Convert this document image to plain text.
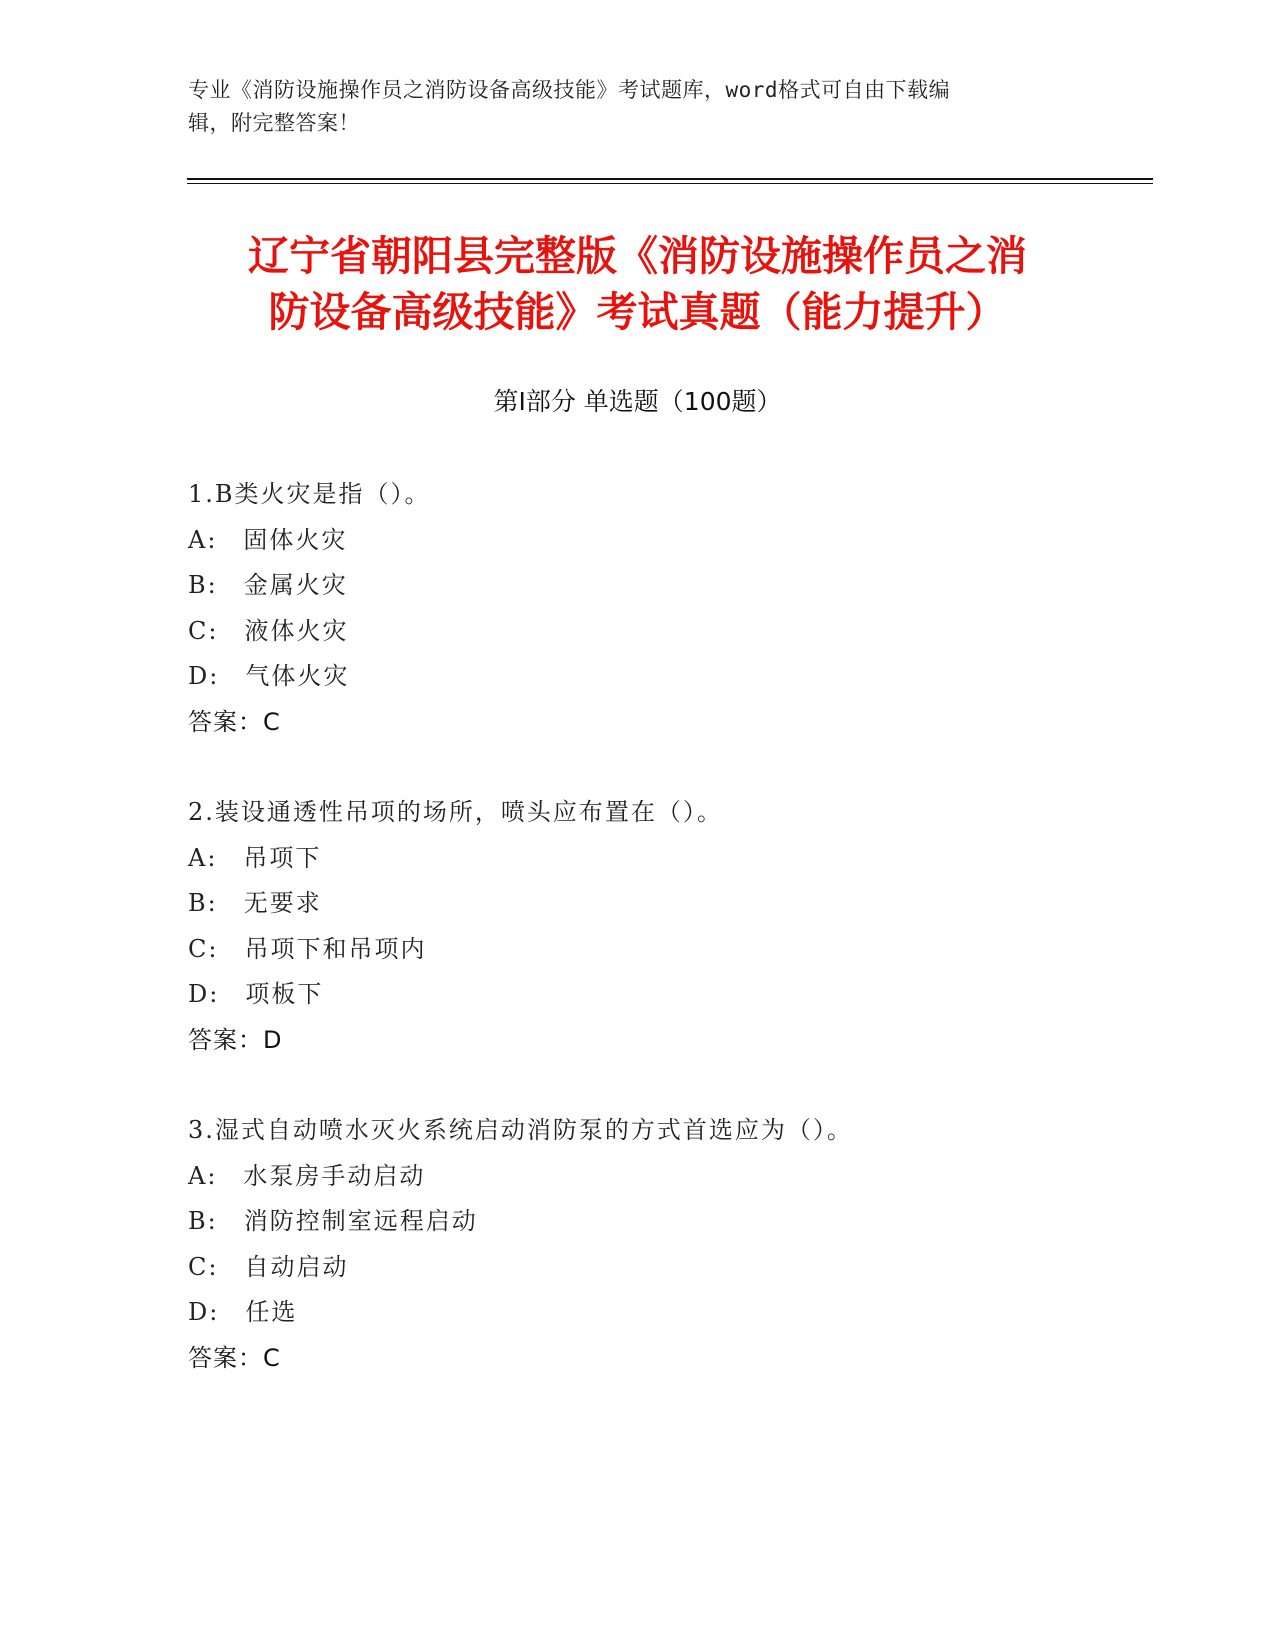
专业《消防设施操作员之消防设备高级技能》考试题库，word格式可自由下载编
辑，附完整答案！
辽宁省朝阳县完整版《消防设施操作员之消
防设备高级技能》考试真题（能力提升）
第Ⅰ部分 单选题（100题）
1.B类火灾是指（）。
A:　固体火灾
B:　金属火灾
C:　液体火灾
D:　气体火灾
答案：C
2.装设通透性吊项的场所，喷头应布置在（）。
A:　吊项下
B:　无要求
C:　吊项下和吊项内
D:　项板下
答案：D
3.湿式自动喷水灭火系统启动消防泵的方式首选应为（）。
A:　水泵房手动启动
B:　消防控制室远程启动
C:　自动启动
D:　任选
答案：C
